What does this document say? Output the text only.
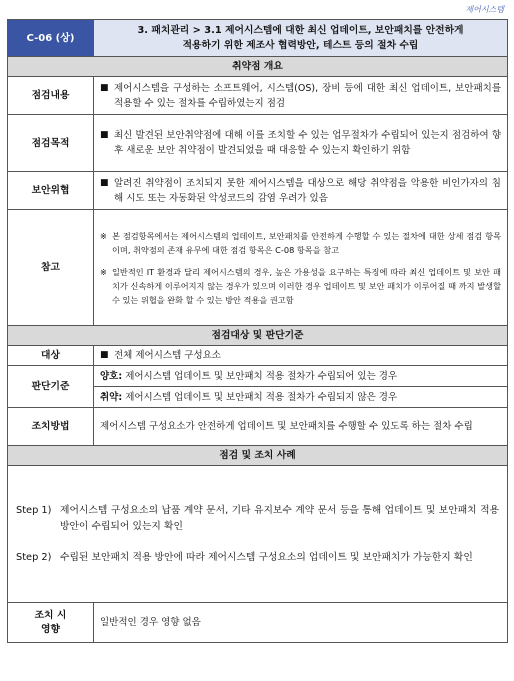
제어시스템
C-06 (상)	3. 패치관리 > 3.1 제어시스템에 대한 최신 업데이트, 보안패치를 안전하게
적용하기 위한 제조사 협력방안, 테스트 등의 절차 수립

취약점 개요	
점검내용	■ 제어시스템을 구성하는 소프트웨어, 시스템(OS), 장비 등에 대한 최신 업데이트, 보안패치를 적용할 수 있는 절차를 수립하였는지 점검

점검목적	■ 최신 발견된 보안취약점에 대해 이를 조치할 수 있는 업무절차가 수립되어 있는지 점검하여 향후 새로운 보안 취약점이 발견되었을 때 대응할 수 있는지 확인하기 위함

보안위협	■ 알려진 취약점이 조치되지 못한 제어시스템을 대상으로 해당 취약점을 악용한 비인가자의 침해 시도 또는 자동화된 악성코드의 감염 우려가 있음

참고	※ 본 점검항목에서는 제어시스템의 업데이트, 보안패치를 안전하게 수행할 수 있는 절차에 대한 상세 점검 항목이며, 취약점의 존재 유무에 대한 점검 항목은 C-08 항목을 참고
※ 일반적인 IT 환경과 달리 제어시스템의 경우, 높은 가용성을 요구하는 특징에 따라 최신 업데이트 및 보안 패치가 신속하게 이루어지지 않는 경우가 있으며 이러한 경우 업데이트 및 보안 패치가 이루어질 때 까지 발생할 수 있는 위협을 완화 할 수 있는 방안 적용을 권고함

점검대상 및 판단기준	
대상	■ 전체 제어시스템 구성요소

판단기준	양호:
제어시스템 업데이트 및 보안패치 적용 절차가 수립되어 있는 경우

	취약:
제어시스템 업데이트 및 보안패치 적용 절차가 수립되지 않은 경우

조치방법	제어시스템 구성요소가 안전하게 업데이트 및 보안패치를 수행할 수 있도록 하는 절차 수립
점검 및 조치 사례	

Step 1) 제어시스템 구성요소의 납품 계약 문서, 기타 유지보수 계약 문서 등을 통해 업데이트 및 보안패치 적용 방안이 수립되어 있는지 확인
Step 2) 수립된 보안패치 적용 방안에 따라 제어시스템 구성요소의 업데이트 및 보안패치가 가능한지 확인	

조치 시
영향	일반적인 경우 영향 없음
